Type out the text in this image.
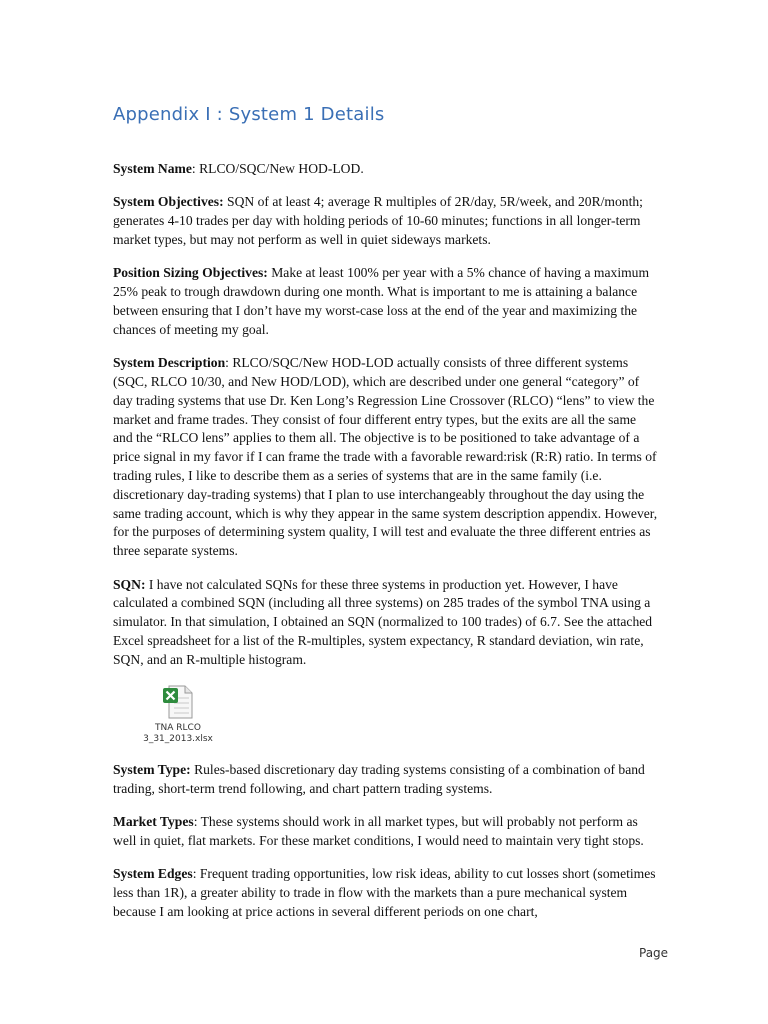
Appendix I : System 1 Details

System Name: RLCO/SQC/New HOD-LOD.

System Objectives: SQN of at least 4; average R multiples of 2R/day, 5R/week, and 20R/month; generates 4-10 trades per day with holding periods of 10-60 minutes; functions in all longer-term market types, but may not perform as well in quiet sideways markets.

Position Sizing Objectives: Make at least 100% per year with a 5% chance of having a maximum 25% peak to trough drawdown during one month. What is important to me is attaining a balance between ensuring that I don’t have my worst-case loss at the end of the year and maximizing the chances of meeting my goal.

System Description: RLCO/SQC/New HOD-LOD actually consists of three different systems (SQC, RLCO 10/30, and New HOD/LOD), which are described under one general “category” of day trading systems that use Dr. Ken Long’s Regression Line Crossover (RLCO) “lens” to view the market and frame trades. They consist of four different entry types, but the exits are all the same and the “RLCO lens” applies to them all. The objective is to be positioned to take advantage of a price signal in my favor if I can frame the trade with a favorable reward:risk (R:R) ratio. In terms of trading rules, I like to describe them as a series of systems that are in the same family (i.e. discretionary day-trading systems) that I plan to use interchangeably throughout the day using the same trading account, which is why they appear in the same system description appendix. However, for the purposes of determining system quality, I will test and evaluate the three different entries as three separate systems.

SQN: I have not calculated SQNs for these three systems in production yet. However, I have calculated a combined SQN (including all three systems) on 285 trades of the symbol TNA using a simulator. In that simulation, I obtained an SQN (normalized to 100 trades) of 6.7. See the attached Excel spreadsheet for a list of the R-multiples, system expectancy, R standard deviation, win rate, SQN, and an R-multiple histogram.

TNA RLCO
3_31_2013.xlsx

System Type: Rules-based discretionary day trading systems consisting of a combination of band trading, short-term trend following, and chart pattern trading systems.

Market Types: These systems should work in all market types, but will probably not perform as well in quiet, flat markets. For these market conditions, I would need to maintain very tight stops.

System Edges: Frequent trading opportunities, low risk ideas, ability to cut losses short (sometimes less than 1R), a greater ability to trade in flow with the markets than a pure mechanical system because I am looking at price actions in several different periods on one chart,

Page
